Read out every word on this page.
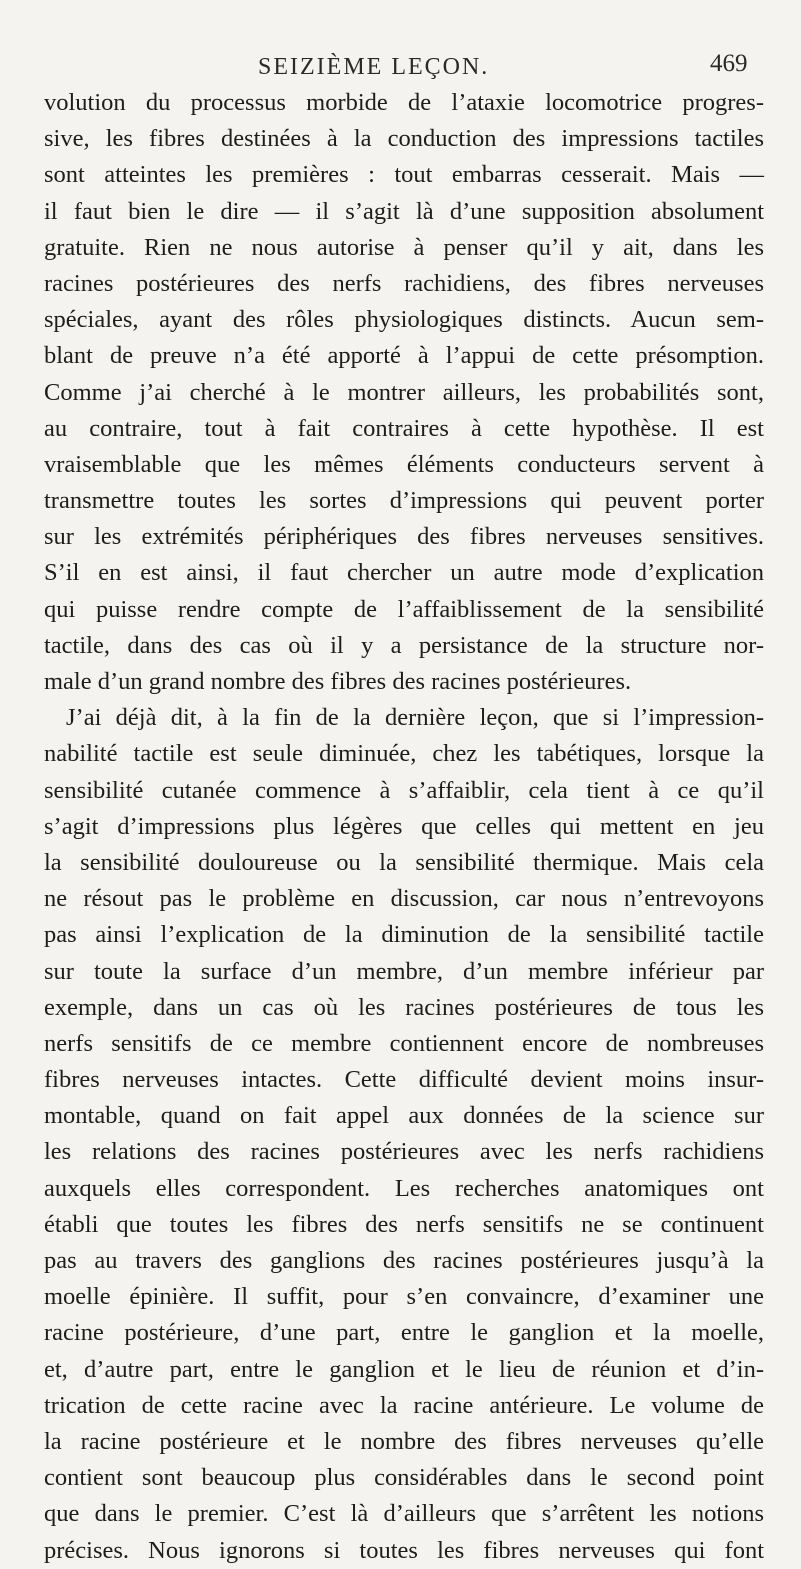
SEIZIÈME LEÇON.	469
volution du processus morbide de l’ataxie locomotrice progres-
sive, les fibres destinées à la conduction des impressions tactiles
sont atteintes les premières : tout embarras cesserait. Mais —
il faut bien le dire — il s’agit là d’une supposition absolument
gratuite. Rien ne nous autorise à penser qu’il y ait, dans les
racines postérieures des nerfs rachidiens, des fibres nerveuses
spéciales, ayant des rôles physiologiques distincts. Aucun sem-
blant de preuve n’a été apporté à l’appui de cette présomption.
Comme j’ai cherché à le montrer ailleurs, les probabilités sont,
au contraire, tout à fait contraires à cette hypothèse. Il est
vraisemblable que les mêmes éléments conducteurs servent à
transmettre toutes les sortes d’impressions qui peuvent porter
sur les extrémités périphériques des fibres nerveuses sensitives.
S’il en est ainsi, il faut chercher un autre mode d’explication
qui puisse rendre compte de l’affaiblissement de la sensibilité
tactile, dans des cas où il y a persistance de la structure nor-
male d’un grand nombre des fibres des racines postérieures.
J’ai déjà dit, à la fin de la dernière leçon, que si l’impression-
nabilité tactile est seule diminuée, chez les tabétiques, lorsque la
sensibilité cutanée commence à s’affaiblir, cela tient à ce qu’il
s’agit d’impressions plus légères que celles qui mettent en jeu
la sensibilité douloureuse ou la sensibilité thermique. Mais cela
ne résout pas le problème en discussion, car nous n’entrevoyons
pas ainsi l’explication de la diminution de la sensibilité tactile
sur toute la surface d’un membre, d’un membre inférieur par
exemple, dans un cas où les racines postérieures de tous les
nerfs sensitifs de ce membre contiennent encore de nombreuses
fibres nerveuses intactes. Cette difficulté devient moins insur-
montable, quand on fait appel aux données de la science sur
les relations des racines postérieures avec les nerfs rachidiens
auxquels elles correspondent. Les recherches anatomiques ont
établi que toutes les fibres des nerfs sensitifs ne se continuent
pas au travers des ganglions des racines postérieures jusqu’à la
moelle épinière. Il suffit, pour s’en convaincre, d’examiner une
racine postérieure, d’une part, entre le ganglion et la moelle,
et, d’autre part, entre le ganglion et le lieu de réunion et d’in-
trication de cette racine avec la racine antérieure. Le volume de
la racine postérieure et le nombre des fibres nerveuses qu’elle
contient sont beaucoup plus considérables dans le second point
que dans le premier. C’est là d’ailleurs que s’arrêtent les notions
précises. Nous ignorons si toutes les fibres nerveuses qui font
